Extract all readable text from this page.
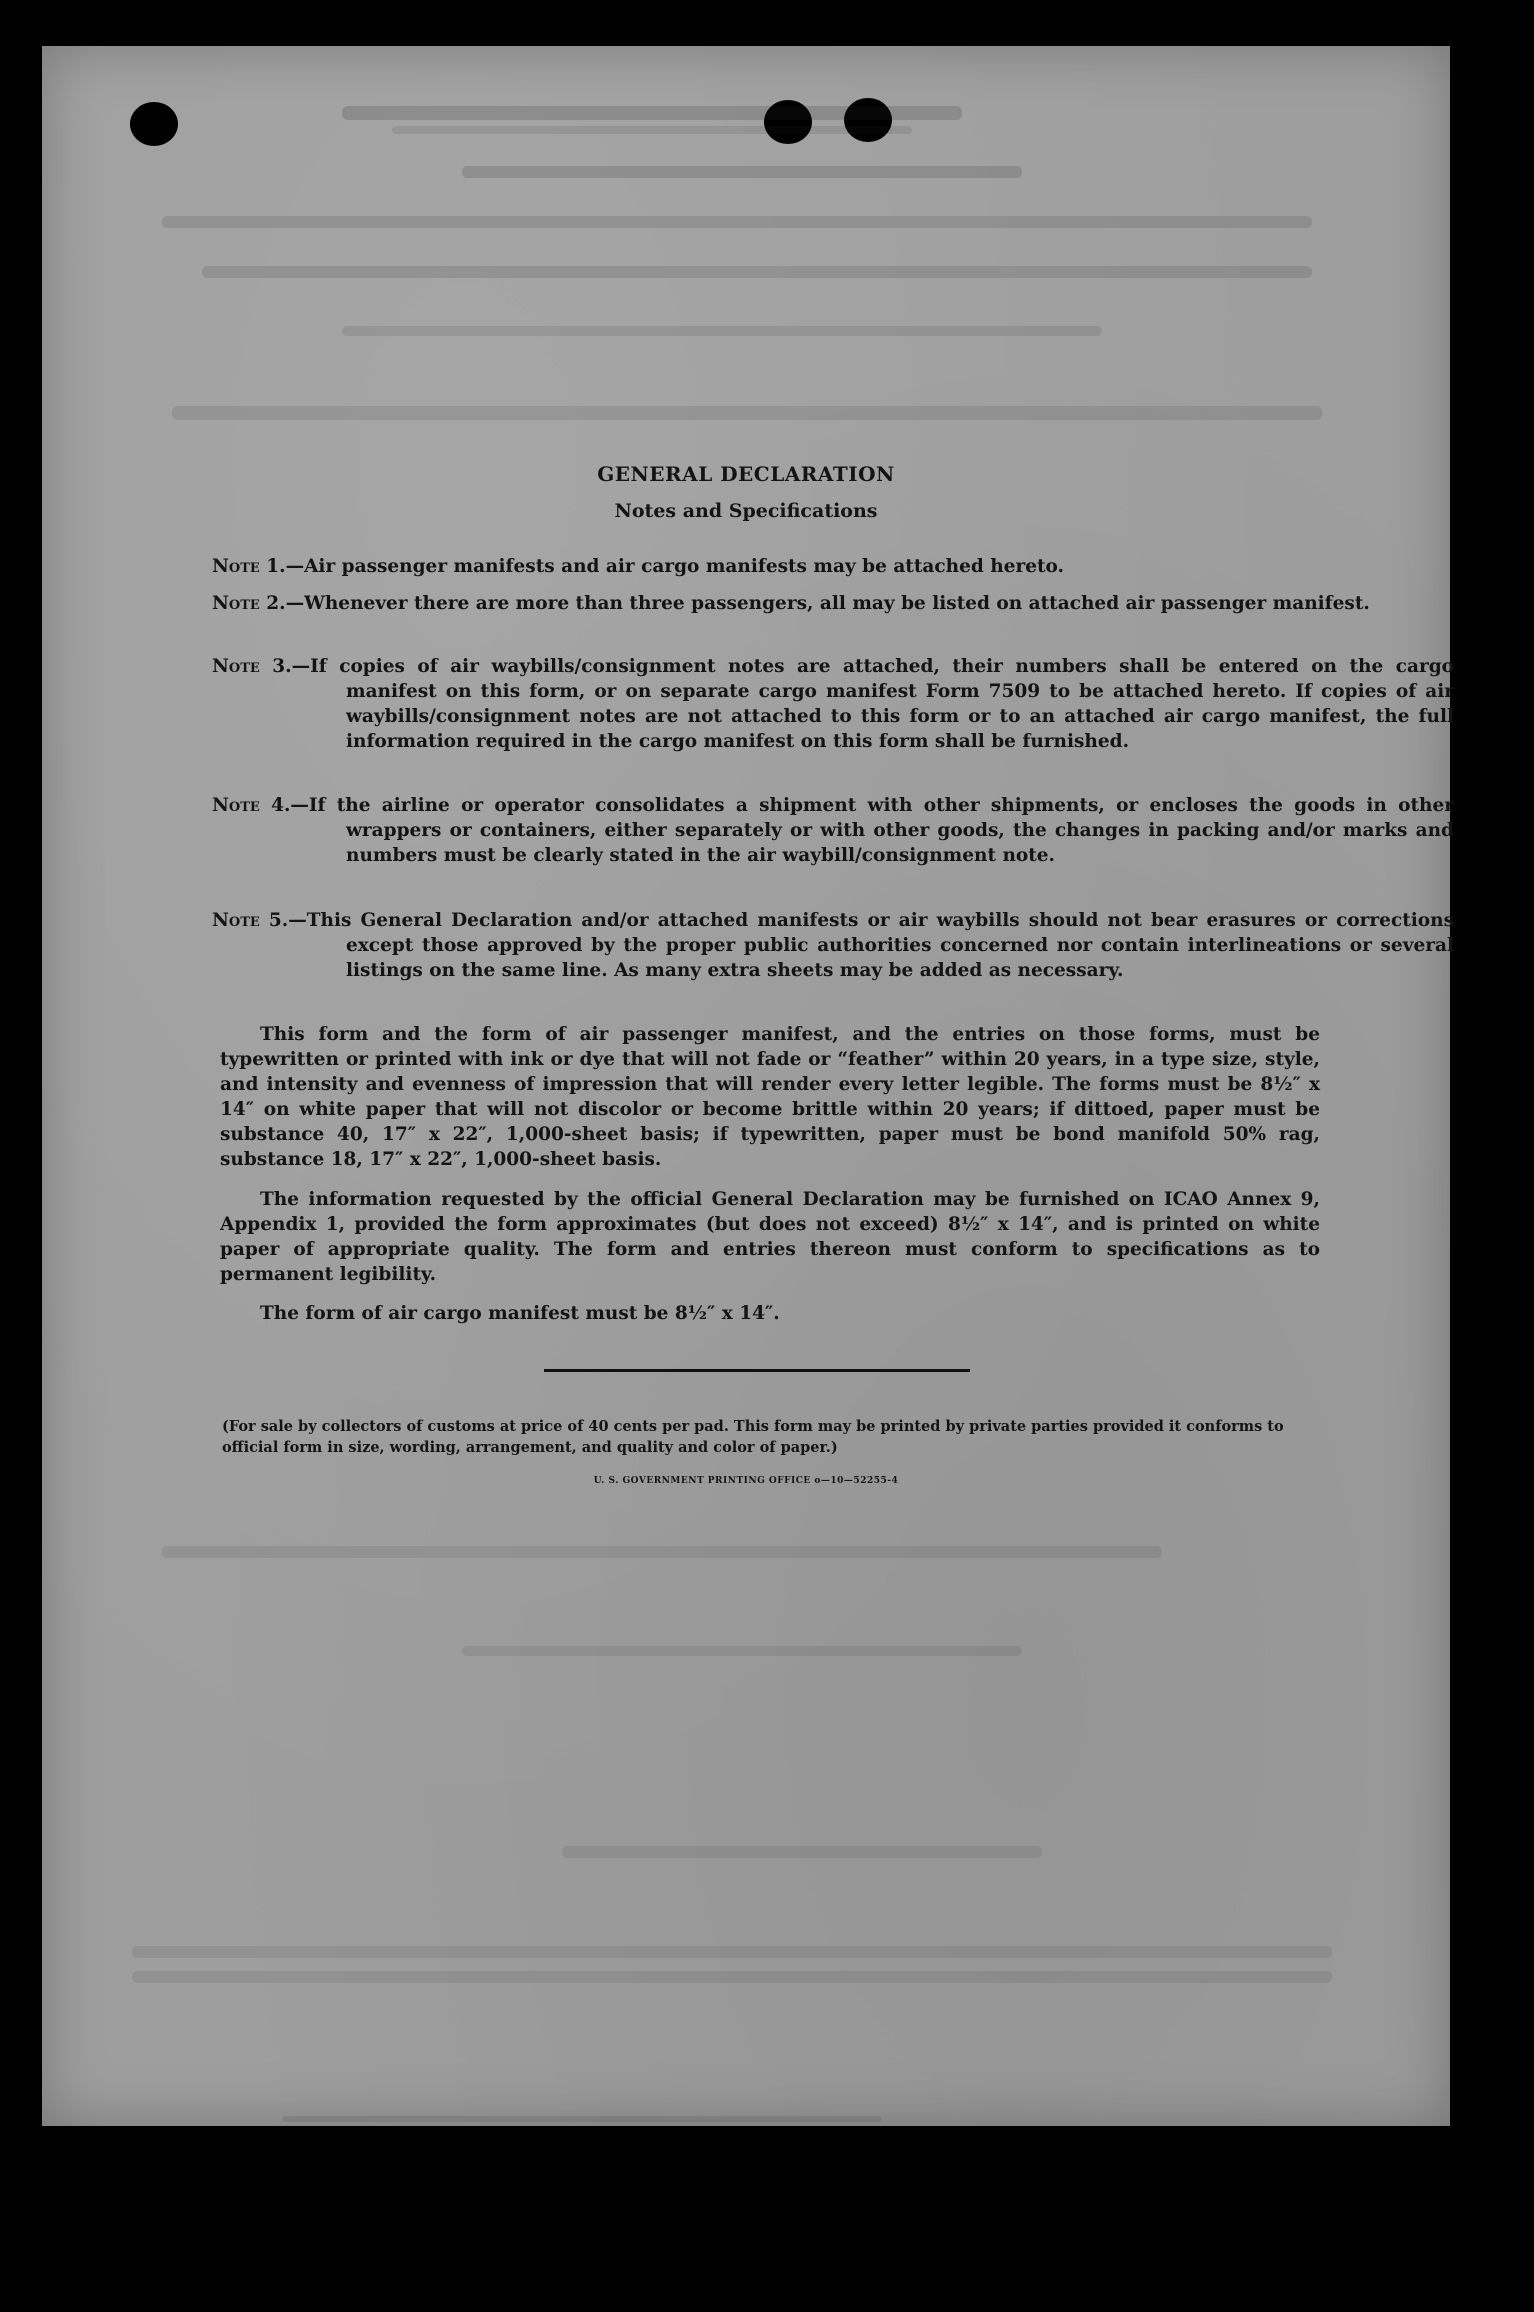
GENERAL DECLARATION
Notes and Specifications
Note 1.—Air passenger manifests and air cargo manifests may be attached hereto.
Note 2.—Whenever there are more than three passengers, all may be listed on attached air passenger manifest.
Note 3.—If copies of air waybills/consignment notes are attached, their numbers shall be entered on the cargo manifest on this form, or on separate cargo manifest Form 7509 to be attached hereto. If copies of air waybills/consignment notes are not attached to this form or to an attached air cargo manifest, the full information required in the cargo manifest on this form shall be furnished.
Note 4.—If the airline or operator consolidates a shipment with other shipments, or encloses the goods in other wrappers or containers, either separately or with other goods, the changes in packing and/or marks and numbers must be clearly stated in the air waybill/consignment note.
Note 5.—This General Declaration and/or attached manifests or air waybills should not bear erasures or corrections except those approved by the proper public authorities concerned nor contain interlineations or several listings on the same line. As many extra sheets may be added as necessary.
This form and the form of air passenger manifest, and the entries on those forms, must be typewritten or printed with ink or dye that will not fade or “feather” within 20 years, in a type size, style, and intensity and evenness of impression that will render every letter legible. The forms must be 8½″ x 14″ on white paper that will not discolor or become brittle within 20 years; if dittoed, paper must be substance 40, 17″ x 22″, 1,000-sheet basis; if typewritten, paper must be bond manifold 50% rag, substance 18, 17″ x 22″, 1,000-sheet basis.
The information requested by the official General Declaration may be furnished on ICAO Annex 9, Appendix 1, provided the form approximates (but does not exceed) 8½″ x 14″, and is printed on white paper of appropriate quality. The form and entries thereon must conform to specifications as to permanent legibility.
The form of air cargo manifest must be 8½″ x 14″.
(For sale by collectors of customs at price of 40 cents per pad. This form may be printed by private parties provided it conforms to official form in size, wording, arrangement, and quality and color of paper.)
U. S. GOVERNMENT PRINTING OFFICE o—10—52255-4
